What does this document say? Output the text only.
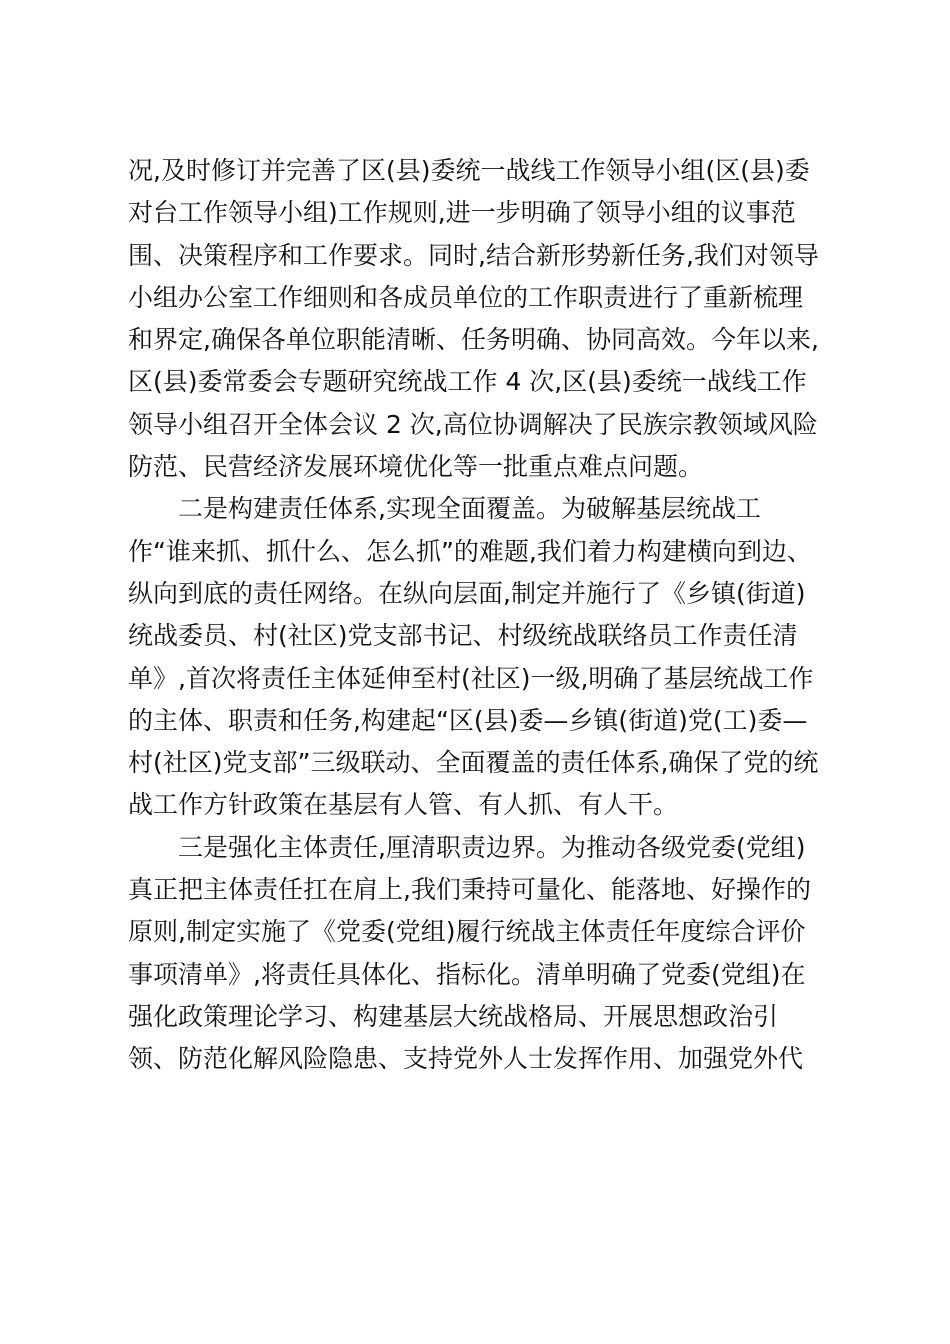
况,及时修订并完善了区(县)委统一战线工作领导小组(区(县)委
对台工作领导小组)工作规则,进一步明确了领导小组的议事范
围、决策程序和工作要求。同时,结合新形势新任务,我们对领导
小组办公室工作细则和各成员单位的工作职责进行了重新梳理
和界定,确保各单位职能清晰、任务明确、协同高效。今年以来,
区(县)委常委会专题研究统战工作 4 次,区(县)委统一战线工作
领导小组召开全体会议 2 次,高位协调解决了民族宗教领域风险
防范、民营经济发展环境优化等一批重点难点问题。
二是构建责任体系,实现全面覆盖。为破解基层统战工
作“谁来抓、抓什么、怎么抓”的难题,我们着力构建横向到边、
纵向到底的责任网络。在纵向层面,制定并施行了《乡镇(街道)
统战委员、村(社区)党支部书记、村级统战联络员工作责任清
单》,首次将责任主体延伸至村(社区)一级,明确了基层统战工作
的主体、职责和任务,构建起“区(县)委—乡镇(街道)党(工)委—
村(社区)党支部”三级联动、全面覆盖的责任体系,确保了党的统
战工作方针政策在基层有人管、有人抓、有人干。
三是强化主体责任,厘清职责边界。为推动各级党委(党组)
真正把主体责任扛在肩上,我们秉持可量化、能落地、好操作的
原则,制定实施了《党委(党组)履行统战主体责任年度综合评价
事项清单》,将责任具体化、指标化。清单明确了党委(党组)在
强化政策理论学习、构建基层大统战格局、开展思想政治引
领、防范化解风险隐患、支持党外人士发挥作用、加强党外代
